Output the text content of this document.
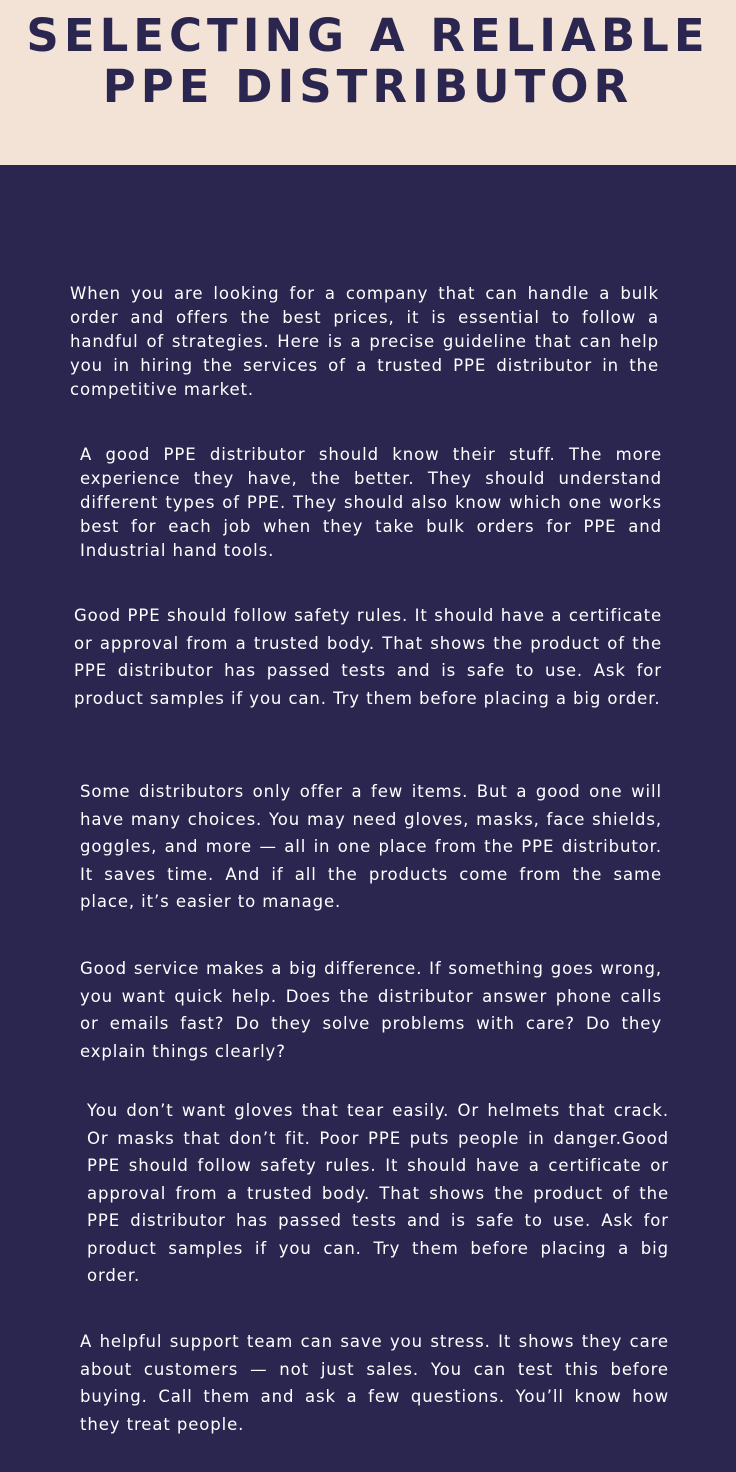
SELECTING A RELIABLE
PPE DISTRIBUTOR

When you are looking for a company that can handle a bulk order and offers the best prices, it is essential to follow a handful of strategies. Here is a precise guideline that can help you in hiring the services of a trusted PPE distributor in the competitive market.

A good PPE distributor should know their stuff. The more experience they have, the better. They should understand different types of PPE. They should also know which one works best for each job when they take bulk orders for PPE and Industrial hand tools.

Good PPE should follow safety rules. It should have a certificate or approval from a trusted body. That shows the product of the PPE distributor has passed tests and is safe to use. Ask for product samples if you can. Try them before placing a big order.

Some distributors only offer a few items. But a good one will have many choices. You may need gloves, masks, face shields, goggles, and more — all in one place from the PPE distributor. It saves time. And if all the products come from the same place, it’s easier to manage.

Good service makes a big difference. If something goes wrong, you want quick help. Does the distributor answer phone calls or emails fast? Do they solve problems with care? Do they explain things clearly?

You don’t want gloves that tear easily. Or helmets that crack. Or masks that don’t fit. Poor PPE puts people in danger.Good PPE should follow safety rules. It should have a certificate or approval from a trusted body. That shows the product of the PPE distributor has passed tests and is safe to use. Ask for product samples if you can. Try them before placing a big order.

A helpful support team can save you stress. It shows they care about customers — not just sales. You can test this before buying. Call them and ask a few questions. You’ll know how they treat people.
